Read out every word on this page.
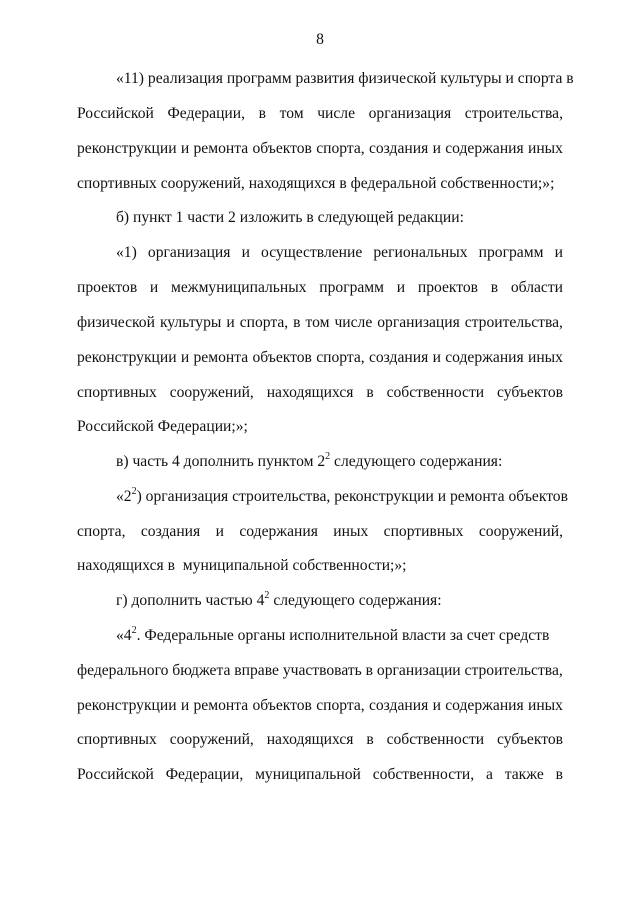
8
«11) реализация программ развития физической культуры и спорта в
Российской Федерации, в том числе организация строительства,
реконструкции и ремонта объектов спорта, создания и содержания иных
спортивных сооружений, находящихся в федеральной собственности;»;
б) пункт 1 части 2 изложить в следующей редакции:
«1) организация и осуществление региональных программ и
проектов и межмуниципальных программ и проектов в области
физической культуры и спорта, в том числе организация строительства,
реконструкции и ремонта объектов спорта, создания и содержания иных
спортивных сооружений, находящихся в собственности субъектов
Российской Федерации;»;
в) часть 4 дополнить пунктом $2^2$ следующего содержания:
«$2^2$) организация строительства, реконструкции и ремонта объектов
спорта, создания и содержания иных спортивных сооружений,
находящихся в  муниципальной собственности;»;
г) дополнить частью $4^2$ следующего содержания:
«$4^2$. Федеральные органы исполнительной власти за счет средств
федерального бюджета вправе участвовать в организации строительства,
реконструкции и ремонта объектов спорта, создания и содержания иных
спортивных сооружений, находящихся в собственности субъектов
Российской Федерации, муниципальной собственности, а также в
